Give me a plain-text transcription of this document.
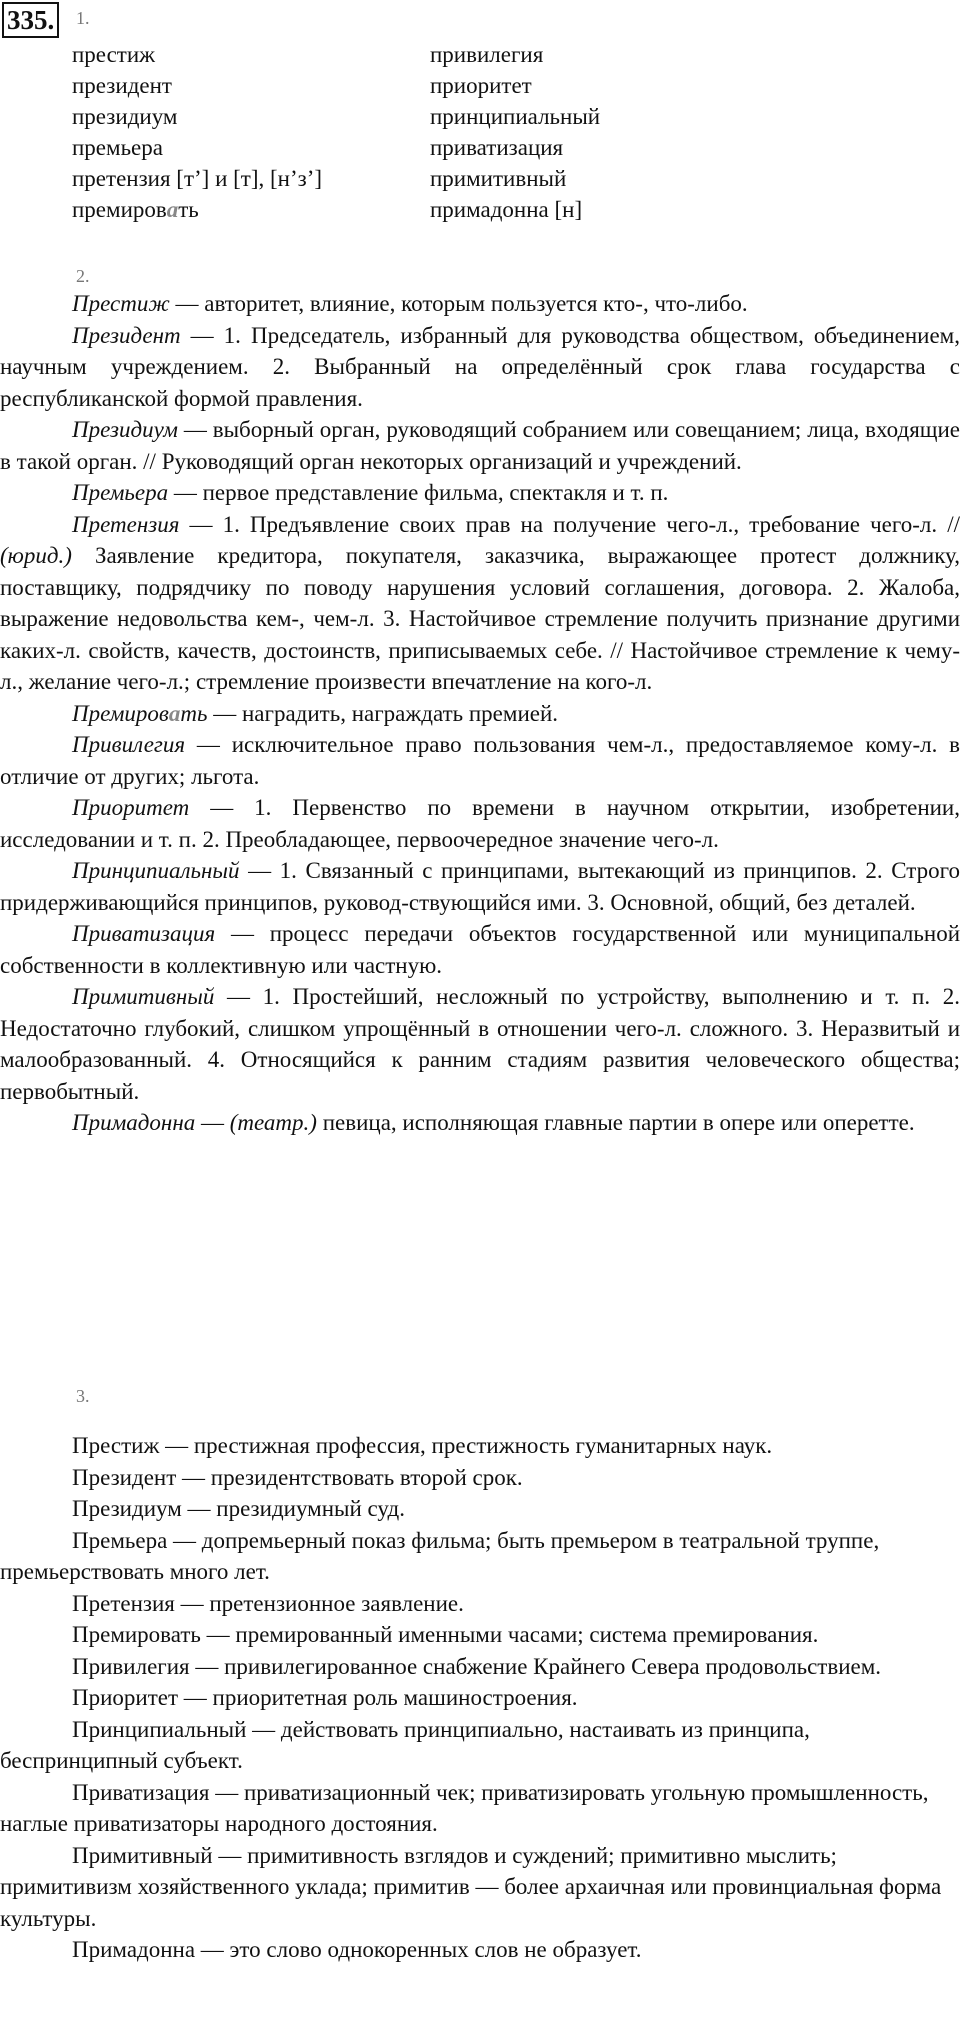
335. 1.
престиж
президент
президиум
премьера
претензия [т’] и [т], [н’з’]
премировать
привилегия
приоритет
принципиальный
приватизация
примитивный
примадонна [н]
2.

Престиж — авторитет, влияние, которым пользуется кто-, что-либо.

Президент — 1. Председатель, избранный для руководства обществом, объединением, научным учреждением. 2. Выбранный на определённый срок глава государства с республиканской формой правления.

Президиум — выборный орган, руководящий собранием или совещанием; лица, входящие в такой орган. // Руководящий орган некоторых организаций и учреждений.

Премьера — первое представление фильма, спектакля и т. п.

Претензия — 1. Предъявление своих прав на получение чего-л., требование чего-л. // (юрид.) Заявление кредитора, покупателя, заказчика, выражающее протест должнику, поставщику, подрядчику по поводу нарушения условий соглашения, договора. 2. Жалоба, выражение недовольства кем-, чем-л. 3. Настойчивое стремление получить признание другими каких-л. свойств, качеств, достоинств, приписываемых себе. // Настойчивое стремление к чему-л., желание чего-л.; стремление произвести впечатление на кого-л.

Премировать — наградить, награждать премией.

Привилегия — исключительное право пользования чем-л., предоставляемое кому-л. в отличие от других; льгота.

Приоритет — 1. Первенство по времени в научном открытии, изобретении, исследовании и т. п. 2. Преобладающее, первоочередное значение чего-л.

Принципиальный — 1. Связанный с принципами, вытекающий из принципов. 2. Строго придерживающийся принципов, руковод-ствующийся ими. 3. Основной, общий, без деталей.

Приватизация — процесс передачи объектов государственной или муниципальной собственности в коллективную или частную.

Примитивный — 1. Простейший, несложный по устройству, выполнению и т. п. 2. Недостаточно глубокий, слишком упрощённый в отношении чего-л. сложного. 3. Неразвитый и малообразованный. 4. Относящийся к ранним стадиям развития человеческого общества; первобытный.

Примадонна — (театр.) певица, исполняющая главные партии в опере или оперетте.

3.

Престиж — престижная профессия, престижность гуманитарных наук.

Президент — президентствовать второй срок.

Президиум — президиумный суд.

Премьера — допремьерный показ фильма; быть премьером в театральной труппе, премьерствовать много лет.

Претензия — претензионное заявление.

Премировать — премированный именными часами; система премирования.

Привилегия — привилегированное снабжение Крайнего Севера продовольствием.

Приоритет — приоритетная роль машиностроения.

Принципиальный — действовать принципиально, настаивать из принципа, беспринципный субъект.

Приватизация — приватизационный чек; приватизировать угольную промышленность, наглые приватизаторы народного достояния.

Примитивный — примитивность взглядов и суждений; примитивно мыслить; примитивизм хозяйственного уклада; примитив — более архаичная или провинциальная форма культуры.

Примадонна — это слово однокоренных слов не образует.
